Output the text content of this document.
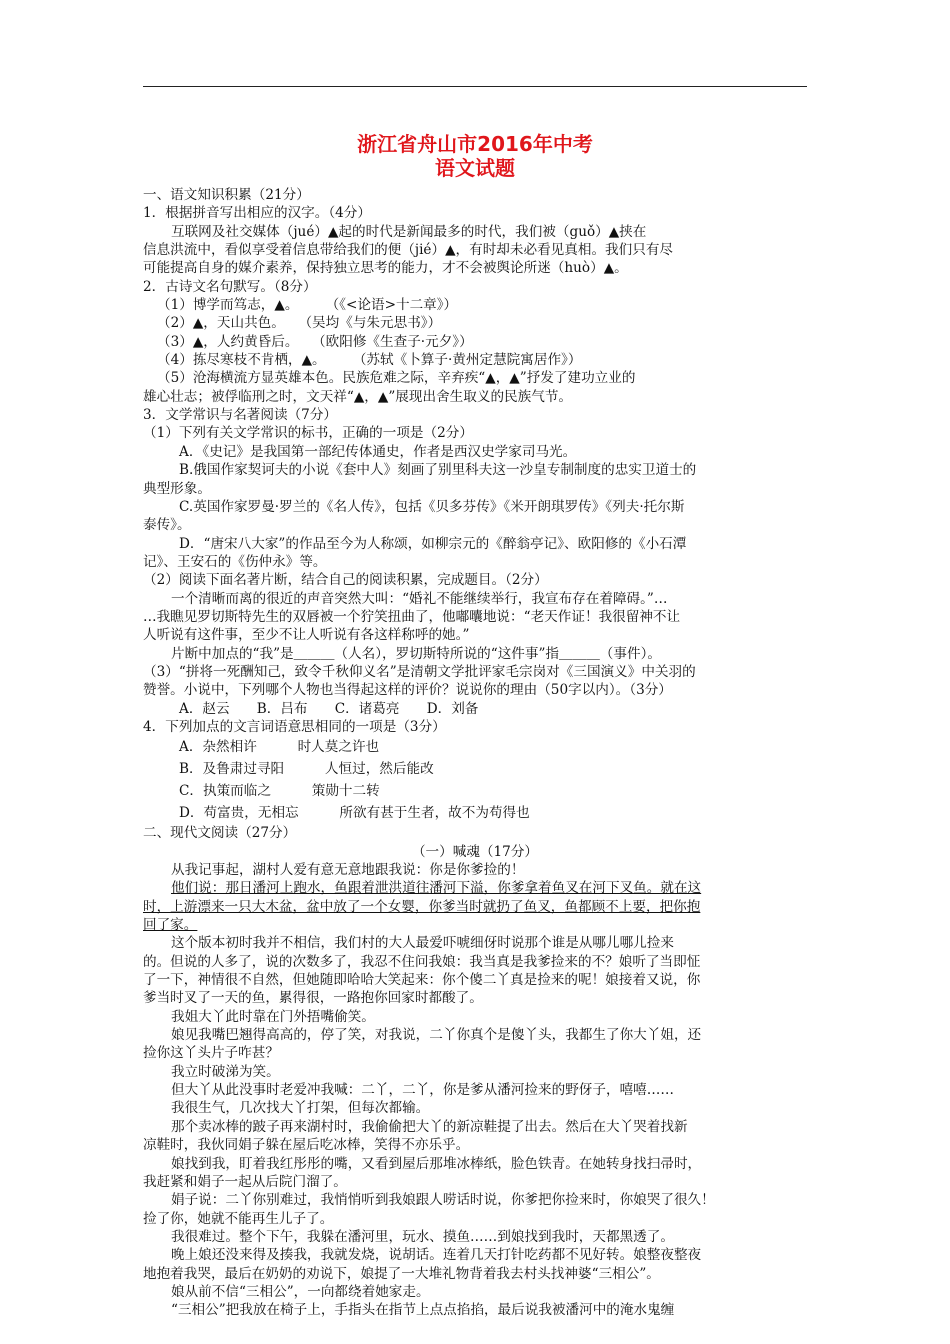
浙江省舟山市2016年中考
语文试题
一、语文知识积累（21分）
1．根据拼音写出相应的汉字。（4分）
互联网及社交媒体（jué）▲起的时代是新闻最多的时代，我们被（guǒ）▲挟在
信息洪流中，看似享受着信息带给我们的便（jié）▲，有时却未必看见真相。我们只有尽
可能提高自身的媒介素养，保持独立思考的能力，才不会被舆论所迷（huò）▲。
2．古诗文名句默写。（8分）
（1）博学而笃志，▲。　　　（《<论语>十二章》）
（2）▲，天山共色。　　（吴均《与朱元思书》）
（3）▲，人约黄昏后。　　（欧阳修《生查子·元夕》）
（4）拣尽寒枝不肯栖，▲。　　　（苏轼《卜算子·黄州定慧院寓居作》）
（5）沧海横流方显英雄本色。民族危难之际，辛弃疾“▲，▲”抒发了建功立业的
雄心壮志；被俘临刑之时，文天祥“▲，▲”展现出舍生取义的民族气节。
3．文学常识与名著阅读（7分）
（1）下列有关文学常识的标书，正确的一项是（2分）
A．《史记》是我国第一部纪传体通史，作者是西汉史学家司马光。
B.俄国作家契诃夫的小说《套中人》刻画了别里科夫这一沙皇专制制度的忠实卫道士的
典型形象。
C.英国作家罗曼·罗兰的《名人传》，包括《贝多芬传》《米开朗琪罗传》《列夫·托尔斯
泰传》。
D．“唐宋八大家”的作品至今为人称颂，如柳宗元的《醉翁亭记》、欧阳修的《小石潭
记》、王安石的《伤仲永》等。
（2）阅读下面名著片断，结合自己的阅读积累，完成题目。（2分）
一个清晰而离的很近的声音突然大叫：“婚礼不能继续举行，我宣布存在着障碍。”…
…我瞧见罗切斯特先生的双唇被一个狞笑扭曲了，他嘟囔地说：“老天作证！我很留神不让
人听说有这件事，至少不让人听说有各这样称呼的她。”
片断中加点的“我”是＿＿＿（人名），罗切斯特所说的“这件事”指＿＿＿（事件）。
（3）“拼将一死酬知己，致令千秋仰义名”是清朝文学批评家毛宗岗对《三国演义》中关羽的
赞誉。小说中，下列哪个人物也当得起这样的评价？说说你的理由（50字以内）。（3分）
A．赵云　　B．吕布　　C．诸葛亮　　D．刘备
4．下列加点的文言词语意思相同的一项是（3分）
A．杂然相许　　　时人莫之许也
B．及鲁肃过寻阳　　　人恒过，然后能改
C．执策而临之　　　策勋十二转
D．苟富贵，无相忘　　　所欲有甚于生者，故不为苟得也
二、现代文阅读（27分）
（一）喊魂（17分）
从我记事起，湖村人爱有意无意地跟我说：你是你爹捡的！
他们说：那日潘河上跑水，鱼跟着泄洪道往潘河下溢，你爹拿着鱼叉在河下叉鱼。就在这
时，上游漂来一只大木盆，盆中放了一个女婴，你爹当时就扔了鱼叉，鱼都顾不上要，把你抱
回了家。
这个版本初时我并不相信，我们村的大人最爱吓唬细伢时说那个谁是从哪儿哪儿捡来
的。但说的人多了，说的次数多了，我忍不住问我娘：我当真是我爹捡来的不？娘听了当即怔
了一下，神情很不自然，但她随即哈哈大笑起来：你个傻二丫真是捡来的呢！娘接着又说，你
爹当时叉了一天的鱼，累得很，一路抱你回家时都酸了。
我姐大丫此时靠在门外捂嘴偷笑。
娘见我嘴巴翘得高高的，停了笑，对我说，二丫你真个是傻丫头，我都生了你大丫姐，还
捡你这丫头片子咋甚？
我立时破涕为笑。
但大丫从此没事时老爱冲我喊：二丫，二丫，你是爹从潘河捡来的野伢子，嘻嘻……
我很生气，几次找大丫打架，但每次都输。
那个卖冰棒的跛子再来湖村时，我偷偷把大丫的新凉鞋提了出去。然后在大丫哭着找新
凉鞋时，我伙同娟子躲在屋后吃冰棒，笑得不亦乐乎。
娘找到我，盯着我红彤彤的嘴，又看到屋后那堆冰棒纸，脸色铁青。在她转身找扫帚时，
我赶紧和娟子一起从后院门溜了。
娟子说：二丫你别难过，我悄悄听到我娘跟人唠话时说，你爹把你捡来时，你娘哭了很久！
捡了你，她就不能再生儿子了。
我很难过。整个下午，我躲在潘河里，玩水、摸鱼……到娘找到我时，天都黑透了。
晚上娘还没来得及揍我，我就发烧，说胡话。连着几天打针吃药都不见好转。娘整夜整夜
地抱着我哭，最后在奶奶的劝说下，娘提了一大堆礼物背着我去村头找神婆“三相公”。
娘从前不信“三相公”，一向都绕着她家走。
“三相公”把我放在椅子上，手指头在指节上点点掐掐，最后说我被潘河中的淹水鬼缠
